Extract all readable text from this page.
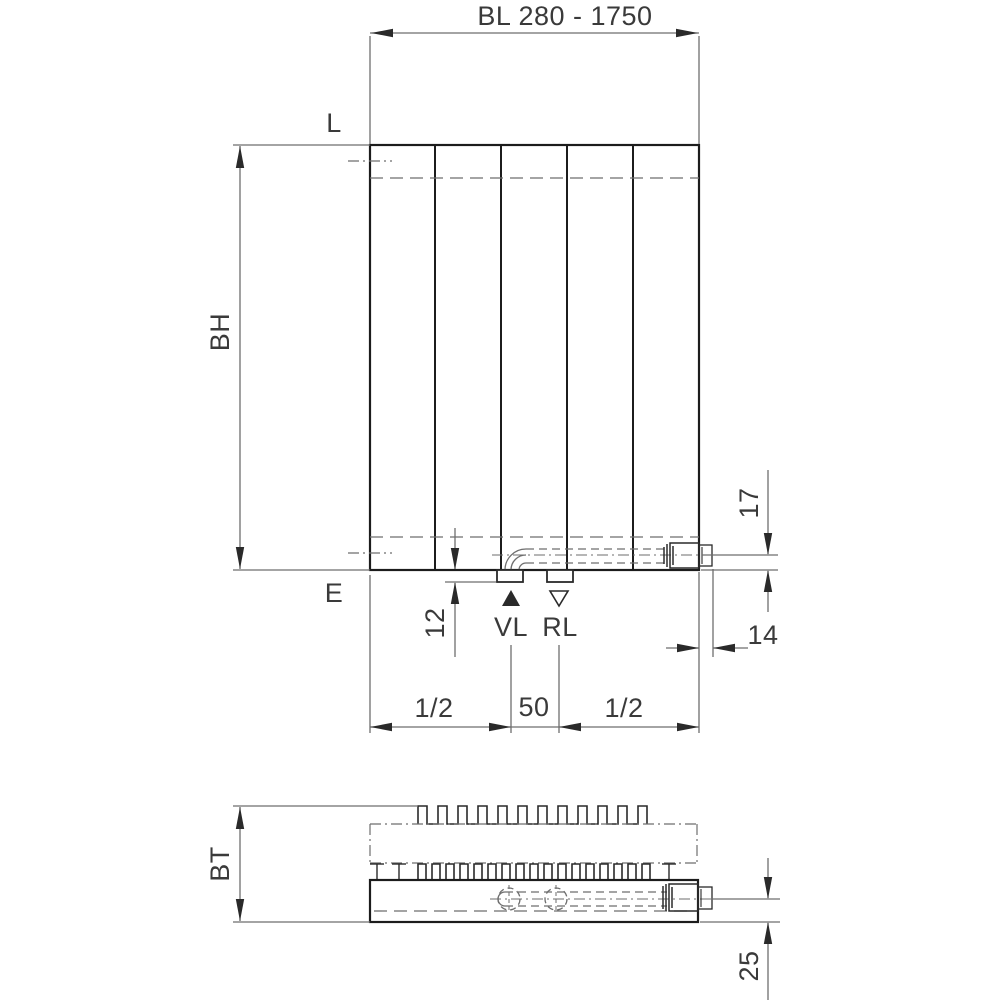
VL RL
BL 280 - 1750
L
E
BH
12
17
14
1/2 50 1/2
BT
25
